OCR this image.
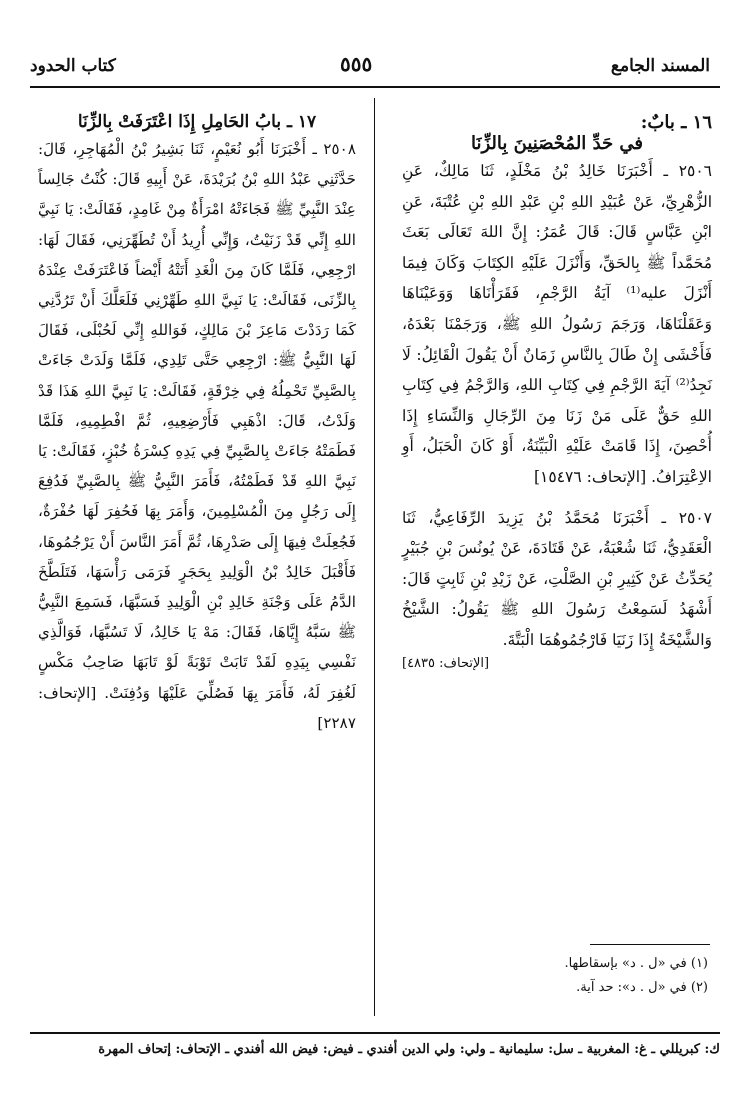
المسند الجامع
٥٥٥
كتاب الحدود
١٦ ـ بابٌ:
في حَدِّ المُحْصَنِينَ بِالزِّنَا

٢٥٠٦ ـ أَخْبَرَنَا خَالِدُ بْنُ مَخْلَدٍ، ثَنَا مَالِكٌ، عَنِ الزُّهْرِيِّ، عَنْ عُبَيْدِ اللهِ بْنِ عَبْدِ اللهِ بْنِ عُتْبَةَ، عَنِ ابْنِ عَبَّاسٍ قَالَ: قَالَ عُمَرُ: إِنَّ اللهَ تَعَالَى بَعَثَ مُحَمَّداً ﷺ بِالحَقِّ، وَأَنْزَلَ عَلَيْهِ الكِتَابَ وَكَانَ فِيمَا أَنْزَلَ عليه⁽¹⁾ آيَةُ الرَّجْمِ، فَقَرَأْنَاهَا وَوَعَيْنَاهَا وَعَقَلْنَاهَا، وَرَجَمَ رَسُولُ اللهِ ﷺ، وَرَجَمْنَا بَعْدَهُ، فَأَخْشَى إِنْ طَالَ بِالنَّاسِ زَمَانٌ أَنْ يَقُولَ الْقَائِلُ: لَا نَجِدُ⁽²⁾ آيَةَ الرَّجْمِ فِي كِتَابِ اللهِ، وَالرَّجْمُ فِي كِتَابِ اللهِ حَقٌّ عَلَى مَنْ زَنَا مِنَ الرِّجَالِ وَالنِّسَاءِ إِذَا أُحْصِنَ، إِذَا قَامَتْ عَلَيْهِ الْبَيِّنَةُ، أَوْ كَانَ الْحَبَلُ، أَوِ الاِعْتِرَافُ. [الإتحاف: ١٥٤٧٦]

٢٥٠٧ ـ أَخْبَرَنَا مُحَمَّدُ بْنُ يَزِيدَ الرِّفَاعِيُّ، ثَنَا الْعَقَدِيُّ، ثَنَا شُعْبَةُ، عَنْ قَتَادَةَ، عَنْ يُونُسَ بْنِ جُبَيْرٍ يُحَدِّثُ عَنْ كَثِيرِ بْنِ الصَّلْتِ، عَنْ زَيْدِ بْنِ ثَابِتٍ قَالَ: أَشْهَدُ لَسَمِعْتُ رَسُولَ اللهِ ﷺ يَقُولُ: الشَّيْخُ وَالشَّيْخَةُ إِذَا زَنَيَا فَارْجُمُوهُمَا الْبَتَّةَ.

[الإتحاف: ٤٨٣٥]
١٧ ـ بابُ الحَامِلِ إِذَا اعْتَرَفَتْ بِالزِّنَا

٢٥٠٨ ـ أَخْبَرَنَا أَبُو نُعَيْمٍ، ثَنَا بَشِيرُ بْنُ الْمُهَاجِرِ، قَالَ: حَدَّثَنِي عَبْدُ اللهِ بْنُ بُرَيْدَةَ، عَنْ أَبِيهِ قَالَ: كُنْتُ جَالِساً عِنْدَ النَّبِيِّ ﷺ فَجَاءَتْهُ امْرَأَةٌ مِنْ غَامِدٍ، فَقَالَتْ: يَا نَبِيَّ اللهِ إِنِّي قَدْ زَنَيْتُ، وَإِنِّي أُرِيدُ أَنْ تُطَهِّرَنِي، فَقَالَ لَهَا: ارْجِعِي، فَلَمَّا كَانَ مِنَ الْغَدِ أَتَتْهُ أَيْضاً فَاعْتَرَفَتْ عِنْدَهُ بِالزِّنَى، فَقَالَتْ: يَا نَبِيَّ اللهِ طَهِّرْنِي فَلَعَلَّكَ أَنْ تَرُدَّنِي كَمَا رَدَدْتَ مَاعِزَ بْنَ مَالِكٍ، فَوَاللهِ إِنِّي لَحُبْلَى، فَقَالَ لَهَا النَّبِيُّ ﷺ: ارْجِعِي حَتَّى تَلِدِي، فَلَمَّا وَلَدَتْ جَاءَتْ بِالصَّبِيِّ تَحْمِلُهُ فِي خِرْقَةٍ، فَقَالَتْ: يَا نَبِيَّ اللهِ هَذَا قَدْ وَلَدْتُ، قَالَ: اذْهَبِي فَأَرْضِعِيهِ، ثُمَّ افْطِمِيهِ، فَلَمَّا فَطَمَتْهُ جَاءَتْ بِالصَّبِيِّ فِي يَدِهِ كِسْرَةُ خُبْزٍ، فَقَالَتْ: يَا نَبِيَّ اللهِ قَدْ فَطَمْتُهُ، فَأَمَرَ النَّبِيُّ ﷺ بِالصَّبِيِّ فَدُفِعَ إِلَى رَجُلٍ مِنَ الْمُسْلِمِينَ، وَأَمَرَ بِهَا فَحُفِرَ لَهَا حُفْرَةٌ، فَجُعِلَتْ فِيهَا إِلَى صَدْرِهَا، ثُمَّ أَمَرَ النَّاسَ أَنْ يَرْجُمُوهَا، فَأَقْبَلَ خَالِدُ بْنُ الْوَلِيدِ بِحَجَرٍ فَرَمَى رَأْسَهَا، فَتَلَطَّخَ الدَّمُ عَلَى وَجْنَةِ خَالِدِ بْنِ الْوَلِيدِ فَسَبَّهَا، فَسَمِعَ النَّبِيُّ ﷺ سَبَّهُ إِيَّاهَا، فَقَالَ: مَهْ يَا خَالِدُ، لَا تَسُبَّهَا، فَوَالَّذِي نَفْسِي بِيَدِهِ لَقَدْ تَابَتْ تَوْبَةً لَوْ تَابَهَا صَاحِبُ مَكْسٍ لَغُفِرَ لَهُ، فَأَمَرَ بِهَا فَصُلِّيَ عَلَيْهَا وَدُفِنَتْ. [الإتحاف: ٢٢٨٧]

(١) في «ل . د» بإسقاطها.
(٢) في «ل . د»: حد آية.
ك: كبريللي ـ غ: المغربية ـ سل: سليمانية ـ ولي: ولي الدين أفندي ـ فيض: فيض الله أفندي ـ الإتحاف: إتحاف المهرة
